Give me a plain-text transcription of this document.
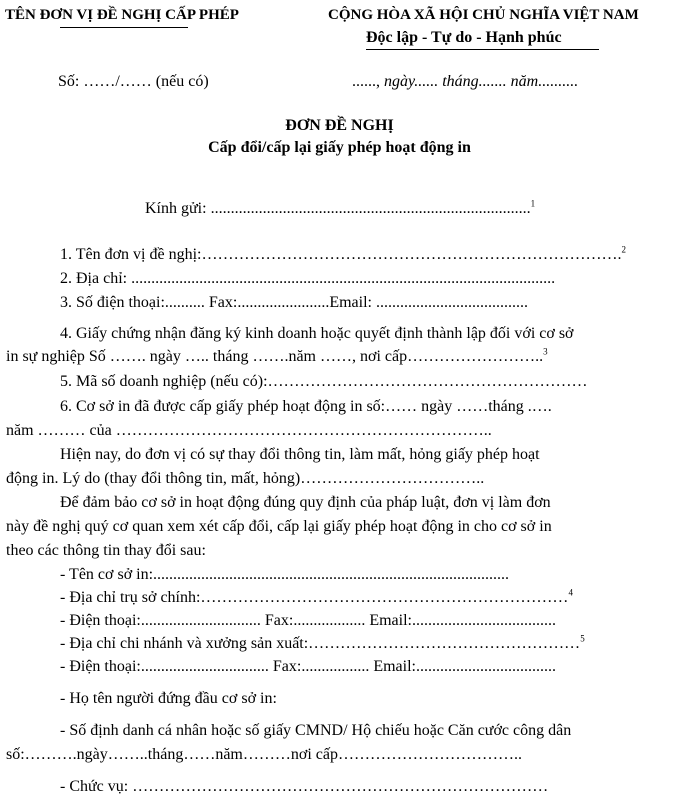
TÊN ĐƠN VỊ ĐỀ NGHỊ CẤP PHÉP	CỘNG HÒA XÃ HỘI CHỦ NGHĨA VIỆT NAM
Độc lập - Tự do - Hạnh phúc
Số: ……/…… (nếu có)	......, ngày...... tháng....... năm..........
ĐƠN ĐỀ NGHỊ
Cấp đổi/cấp lại giấy phép hoạt động in
Kính gửi: ................................................................................$^1$
1. Tên đơn vị đề nghị:…………………………………………………………………….$^2$
2. Địa chỉ: ..........................................................................................................
3. Số điện thoại:.......... Fax:.......................Email: ......................................
4. Giấy chứng nhận đăng ký kinh doanh hoặc quyết định thành lập đối với cơ sở
in sự nghiệp Số ……. ngày ….. tháng …….năm ……, nơi cấp……………………..$^3$
5. Mã số doanh nghiệp (nếu có):……………………………………………………
6. Cơ sở in đã được cấp giấy phép hoạt động in số:…… ngày ……tháng .….
năm ……… của ……………………………………………………………..
Hiện nay, do đơn vị có sự thay đổi thông tin, làm mất, hỏng giấy phép hoạt
động in. Lý do (thay đổi thông tin, mất, hỏng)……………………………..
Để đảm bảo cơ sở in hoạt động đúng quy định của pháp luật, đơn vị làm đơn
này đề nghị quý cơ quan xem xét cấp đổi, cấp lại giấy phép hoạt động in cho cơ sở in
theo các thông tin thay đổi sau:
- Tên cơ sở in:.........................................................................................
- Địa chỉ trụ sở chính:……………………………………………………………$^4$
- Điện thoại:.............................. Fax:.................. Email:....................................
- Địa chỉ chi nhánh và xưởng sản xuất:……………………………………………$^5$
- Điện thoại:................................ Fax:................. Email:...................................
- Họ tên người đứng đầu cơ sở in:
- Số định danh cá nhân hoặc số giấy CMND/ Hộ chiếu hoặc Căn cước công dân
số:……….ngày……..tháng……năm………nơi cấp……………………………..
- Chức vụ: ……………………………………………………………………
